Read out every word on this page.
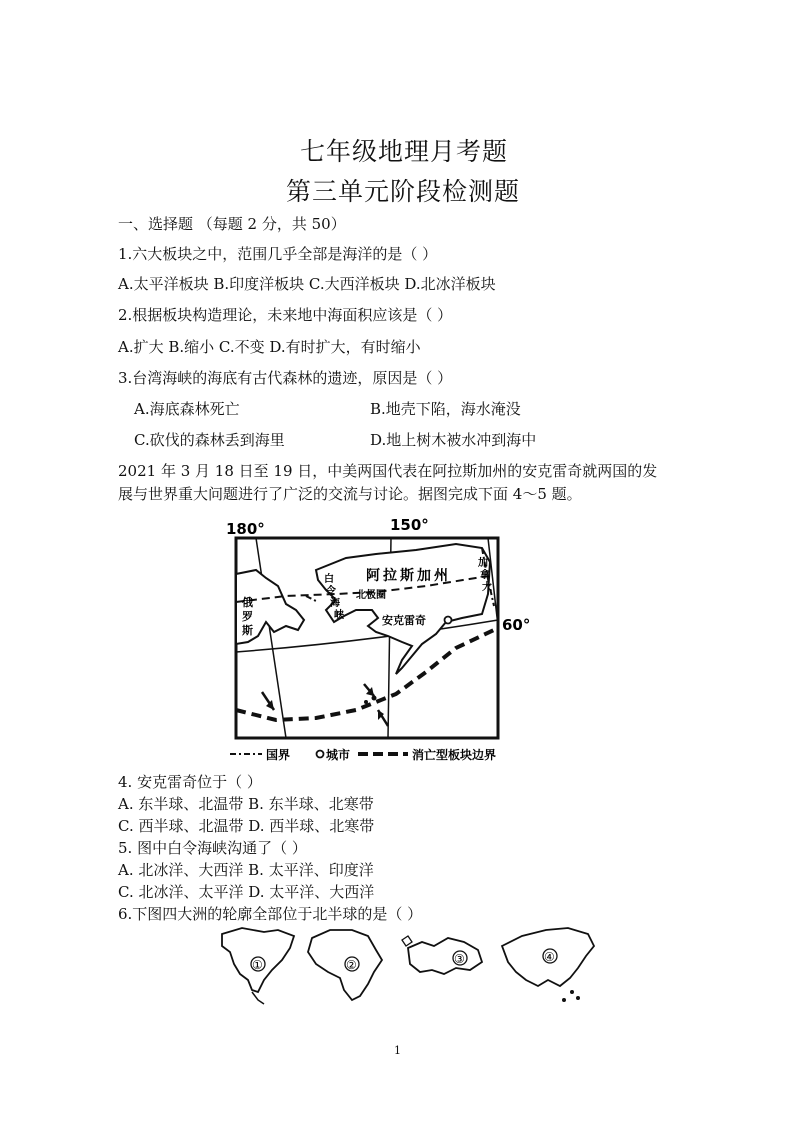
七年级地理月考题
第三单元阶段检测题
一、选择题 （每题 2 分，共 50）
1.六大板块之中，范围几乎全部是海洋的是（ ）
A.太平洋板块 B.印度洋板块 C.大西洋板块 D.北冰洋板块
2.根据板块构造理论，未来地中海面积应该是（ ）
A.扩大 B.缩小 C.不变 D.有时扩大，有时缩小
3.台湾海峡的海底有古代森林的遗迹，原因是（ ）
A.海底森林死亡	B.地壳下陷，海水淹没
C.砍伐的森林丢到海里	D.地上树木被水冲到海中
2021 年 3 月 18 日至 19 日，中美两国代表在阿拉斯加州的安克雷奇就两国的发
展与世界重大问题进行了广泛的交流与讨论。据图完成下面 4～5 题。
180°	150°
60°
阿拉斯加州
加
拿
大
白
令
海
峡
俄
罗
斯
北极圈
安克雷奇
国界	城市	消亡型板块边界
4. 安克雷奇位于（ ）
A. 东半球、北温带 B. 东半球、北寒带
C. 西半球、北温带 D. 西半球、北寒带
5. 图中白令海峡沟通了（ ）
A. 北冰洋、大西洋 B. 太平洋、印度洋
C. 北冰洋、太平洋 D. 太平洋、大西洋
6.下图四大洲的轮廓全部位于北半球的是（ ）
①	②	③	④
1
